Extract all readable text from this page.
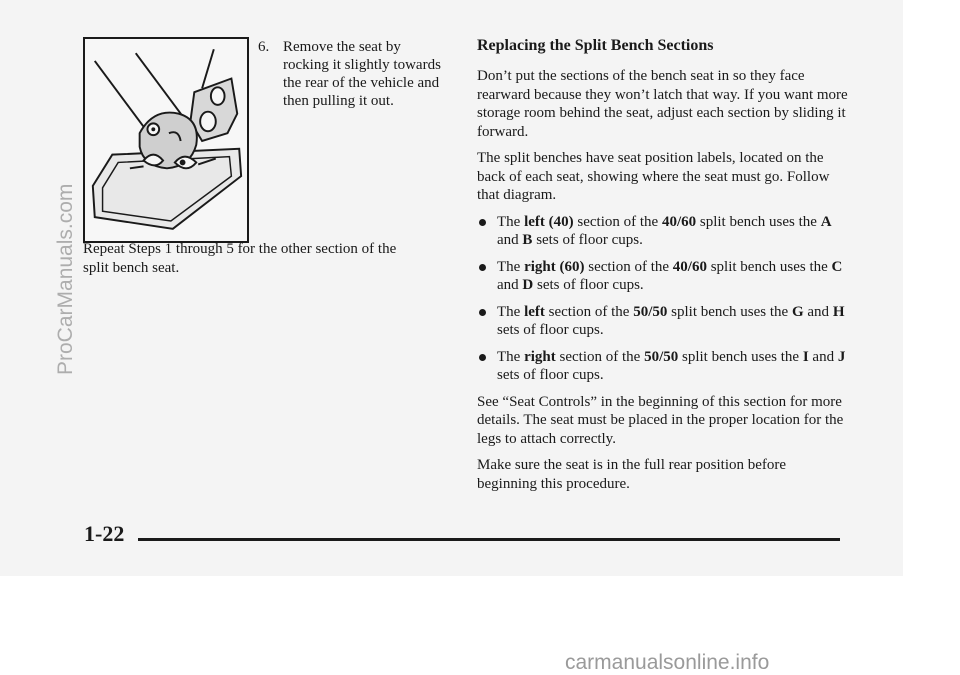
6. Remove the seat by rocking it slightly towards the rear of the vehicle and then pulling it out.
Repeat Steps 1 through 5 for the other section of the split bench seat.
Replacing the Split Bench Sections

Don’t put the sections of the bench seat in so they face rearward because they won’t latch that way. If you want more storage room behind the seat, adjust each section by sliding it forward.

The split benches have seat position labels, located on the back of each seat, showing where the seat must go. Follow that diagram.

The left (40) section of the 40/60 split bench uses the A and B sets of floor cups.
The right (60) section of the 40/60 split bench uses the C and D sets of floor cups.
The left section of the 50/50 split bench uses the G and H sets of floor cups.
The right section of the 50/50 split bench uses the I and J sets of floor cups.

See “Seat Controls” in the beginning of this section for more details. The seat must be placed in the proper location for the legs to attach correctly.

Make sure the seat is in the full rear position before beginning this procedure.

1-22
ProCarManuals.com
carmanualsonline.info
